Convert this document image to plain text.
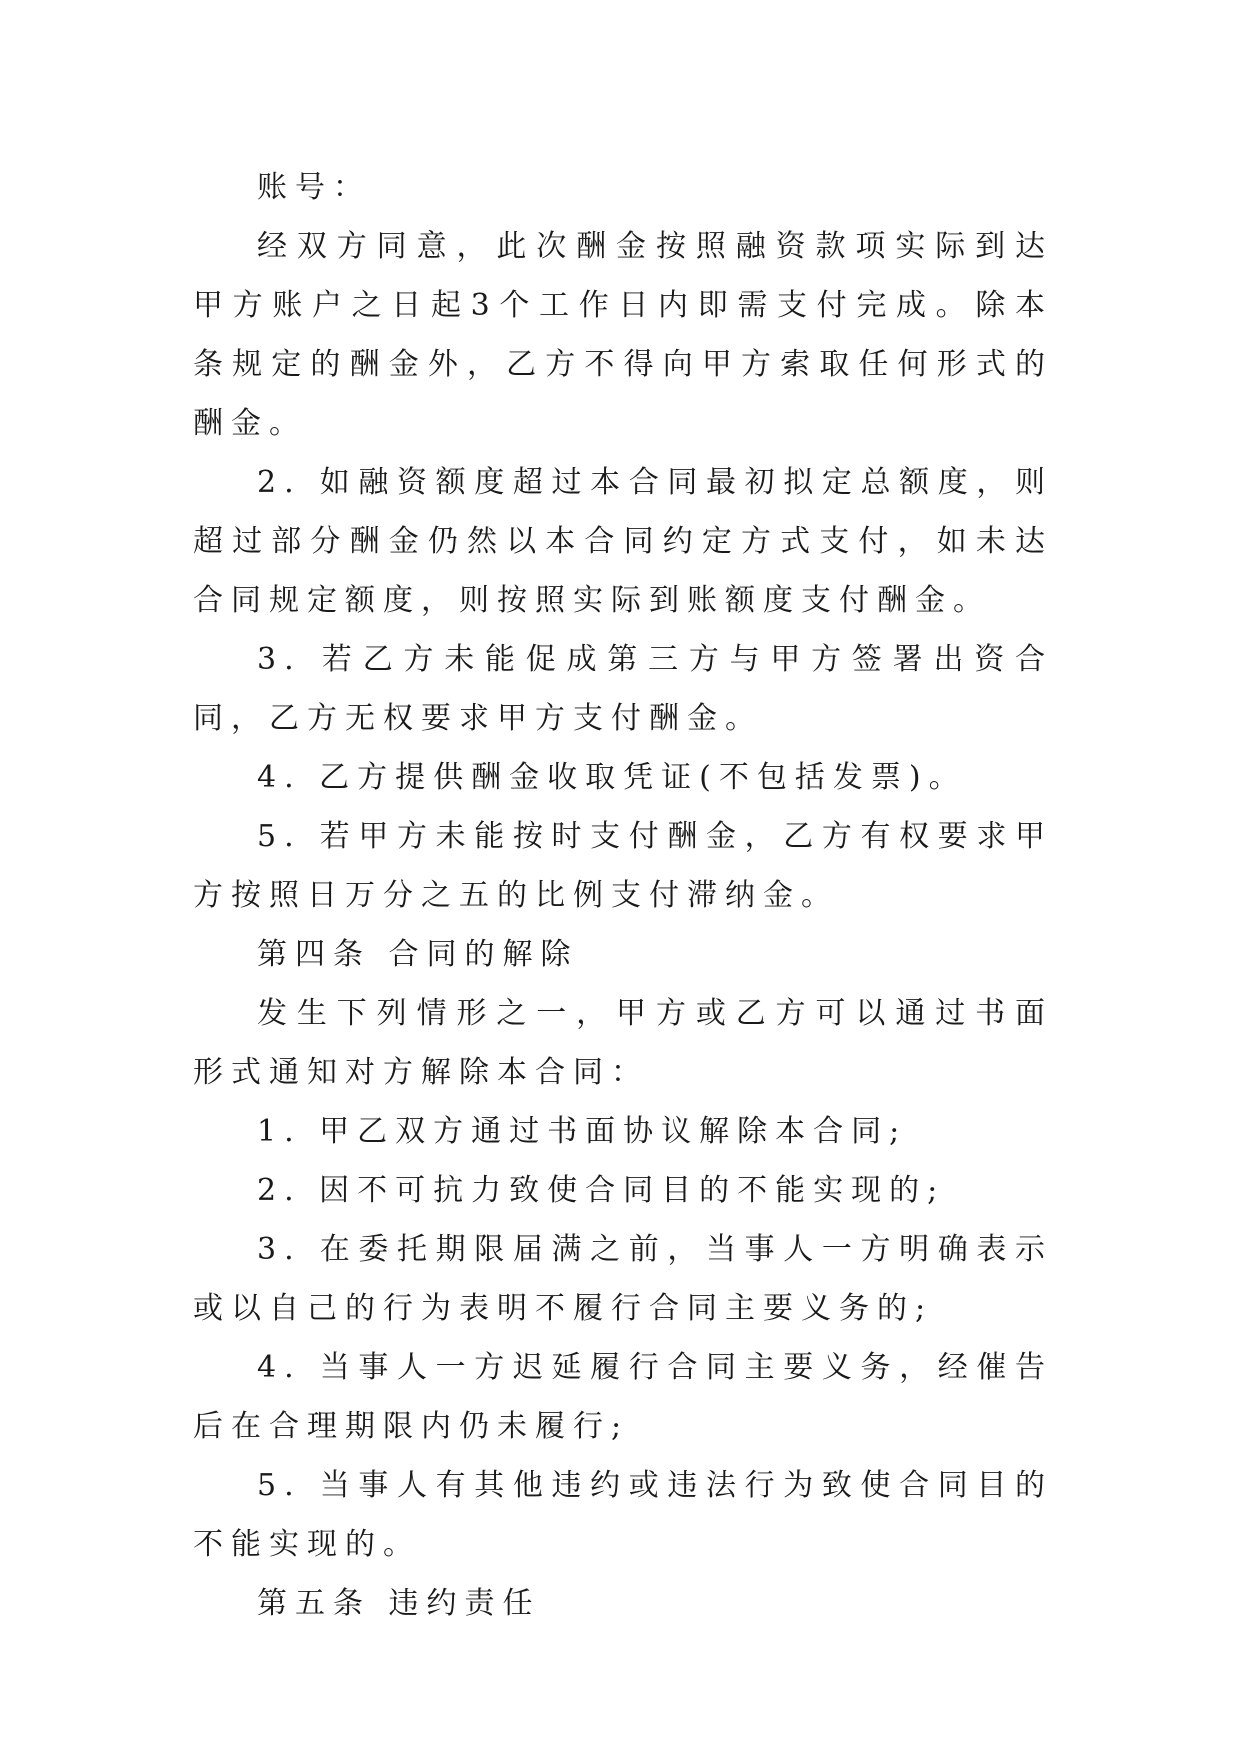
账号：

经双方同意，此次酬金按照融资款项实际到达甲方账户之日起3个工作日内即需支付完成。除本条规定的酬金外，乙方不得向甲方索取任何形式的酬金。

2. 如融资额度超过本合同最初拟定总额度，则超过部分酬金仍然以本合同约定方式支付，如未达合同规定额度，则按照实际到账额度支付酬金。

3. 若乙方未能促成第三方与甲方签署出资合同，乙方无权要求甲方支付酬金。

4. 乙方提供酬金收取凭证(不包括发票)。

5. 若甲方未能按时支付酬金，乙方有权要求甲方按照日万分之五的比例支付滞纳金。

第四条 合同的解除

发生下列情形之一，甲方或乙方可以通过书面形式通知对方解除本合同：

1. 甲乙双方通过书面协议解除本合同;

2. 因不可抗力致使合同目的不能实现的;

3. 在委托期限届满之前，当事人一方明确表示或以自己的行为表明不履行合同主要义务的;

4. 当事人一方迟延履行合同主要义务，经催告后在合理期限内仍未履行;

5. 当事人有其他违约或违法行为致使合同目的不能实现的。

第五条 违约责任
